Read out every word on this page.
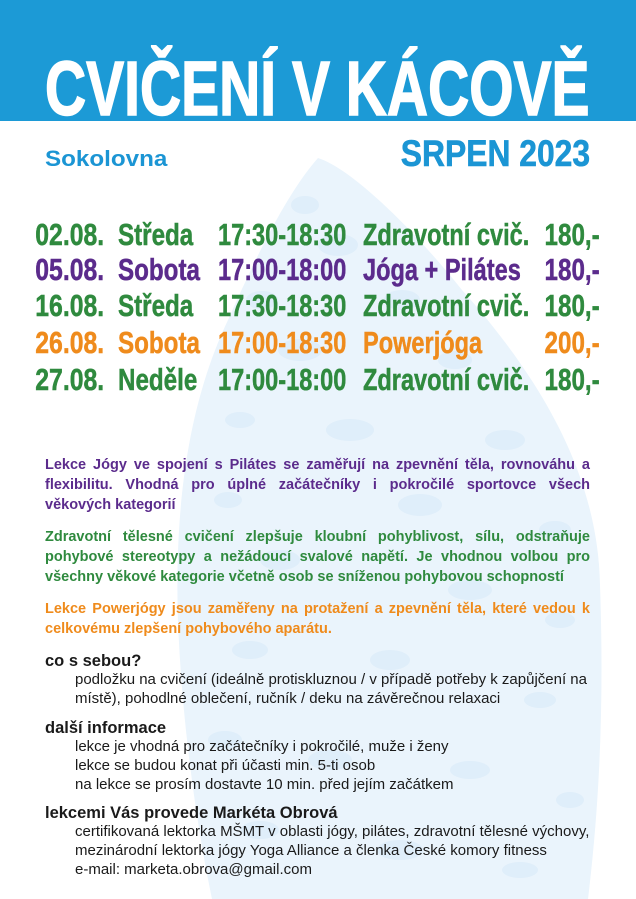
CVIČENÍ V KÁCOVĚ
Sokolovna	SRPEN 2023
02.08. Středa 17:30-18:30 Zdravotní cvič. 180,-
05.08. Sobota 17:00-18:00 Jóga + Pilátes 180,-
16.08. Středa 17:30-18:30 Zdravotní cvič. 180,-
26.08. Sobota 17:00-18:30 Powerjóga 200,-
27.08. Neděle 17:00-18:00 Zdravotní cvič. 180,-
Lekce Jógy ve spojení s Pilátes se zaměřují na zpevnění těla, rovnováhu a
flexibilitu. Vhodná pro úplné začátečníky i pokročilé sportovce všech
věkových kategorií
Zdravotní tělesné cvičení zlepšuje kloubní pohyblivost, sílu, odstraňuje
pohybové stereotypy a nežádoucí svalové napětí. Je vhodnou volbou pro
všechny věkové kategorie včetně osob se sníženou pohybovou schopností
Lekce Powerjógy jsou zaměřeny na protažení a zpevnění těla, které vedou k
celkovému zlepšení pohybového aparátu.
co s sebou?
podložku na cvičení (ideálně protiskluznou / v případě potřeby k zapůjčení na
místě), pohodlné oblečení, ručník / deku na závěrečnou relaxaci
další informace
lekce je vhodná pro začátečníky i pokročilé, muže i ženy
lekce se budou konat při účasti min. 5-ti osob
na lekce se prosím dostavte 10 min. před jejím začátkem
lekcemi Vás provede Markéta Obrová
certifikovaná lektorka MŠMT v oblasti jógy, pilátes, zdravotní tělesné výchovy,
mezinárodní lektorka jógy Yoga Alliance a členka České komory fitness
e-mail: marketa.obrova@gmail.com
